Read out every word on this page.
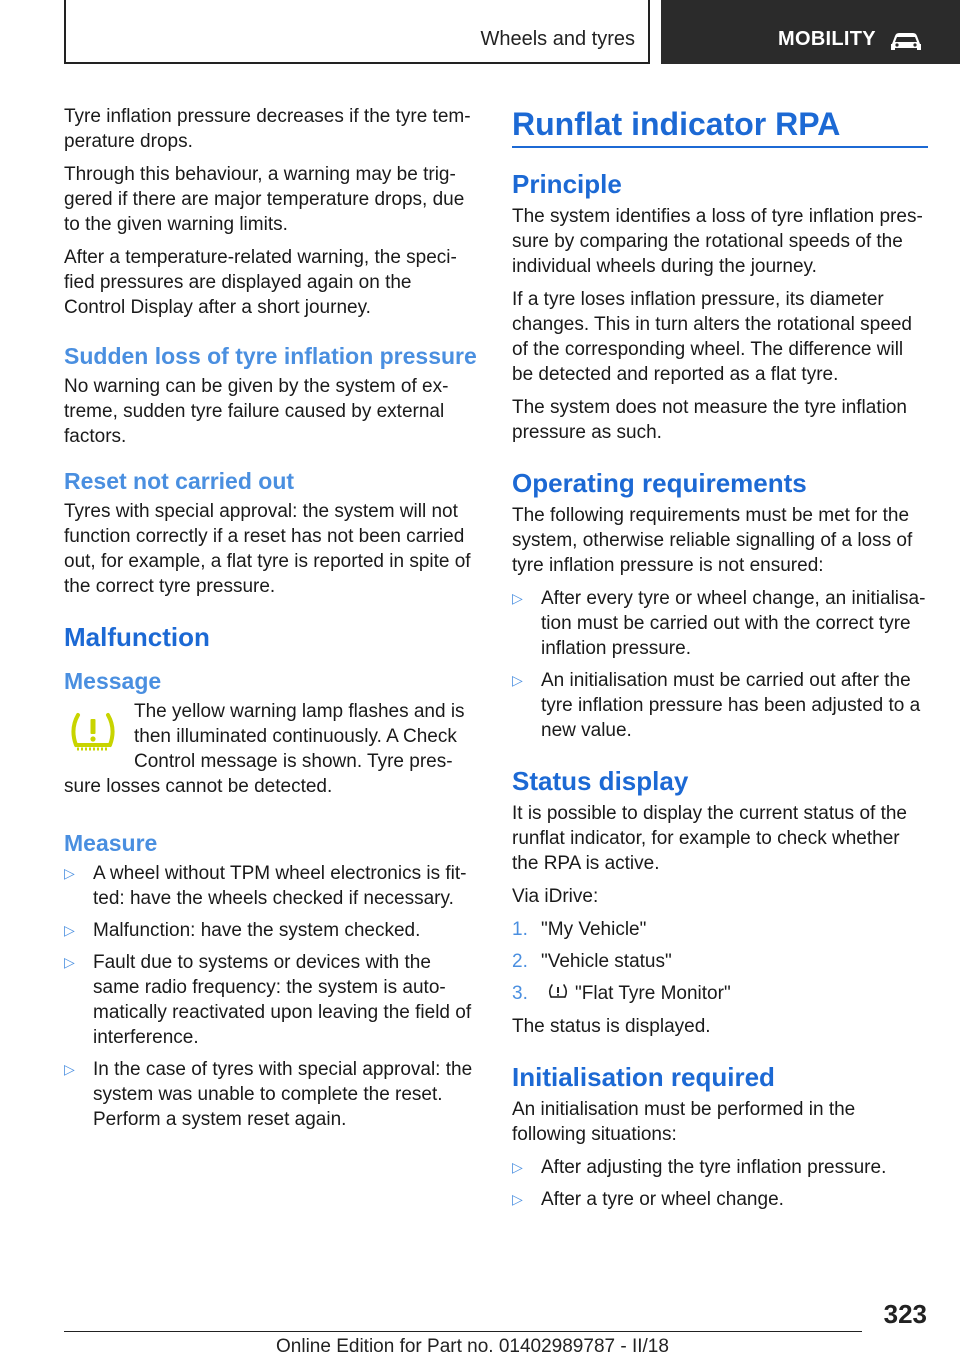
Wheels and tyres	MOBILITY

Tyre inflation pressure decreases if the tyre tem-perature drops.

Through this behaviour, a warning may be trig-gered if there are major temperature drops, due to the given warning limits.

After a temperature-related warning, the speci-fied pressures are displayed again on the Control Display after a short journey.

Sudden loss of tyre inflation pressure

No warning can be given by the system of ex-treme, sudden tyre failure caused by external factors.

Reset not carried out

Tyres with special approval: the system will not function correctly if a reset has not been carried out, for example, a flat tyre is reported in spite of the correct tyre pressure.

Malfunction
Message

The yellow warning lamp flashes and is then illuminated continuously. A Check Control message is shown. Tyre pres-sure losses cannot be detected.

Measure
▷ A wheel without TPM wheel electronics is fit-ted: have the wheels checked if necessary.
▷ Malfunction: have the system checked.
▷ Fault due to systems or devices with the same radio frequency: the system is auto-matically reactivated upon leaving the field of interference.
▷ In the case of tyres with special approval: the system was unable to complete the reset. Perform a system reset again.
Runflat indicator RPA
Principle

The system identifies a loss of tyre inflation pres-sure by comparing the rotational speeds of the individual wheels during the journey.

If a tyre loses inflation pressure, its diameter changes. This in turn alters the rotational speed of the corresponding wheel. The difference will be detected and reported as a flat tyre.

The system does not measure the tyre inflation pressure as such.

Operating requirements

The following requirements must be met for the system, otherwise reliable signalling of a loss of tyre inflation pressure is not ensured:

▷ After every tyre or wheel change, an initialisa-tion must be carried out with the correct tyre inflation pressure.
▷ An initialisation must be carried out after the tyre inflation pressure has been adjusted to a new value.
Status display

It is possible to display the current status of the runflat indicator, for example to check whether the RPA is active.

Via iDrive:

1. "My Vehicle"
2. "Vehicle status"
3. "Flat Tyre Monitor"

The status is displayed.

Initialisation required

An initialisation must be performed in the following situations:

▷ After adjusting the tyre inflation pressure.
▷ After a tyre or wheel change.
323
Online Edition for Part no. 01402989787 - II/18
